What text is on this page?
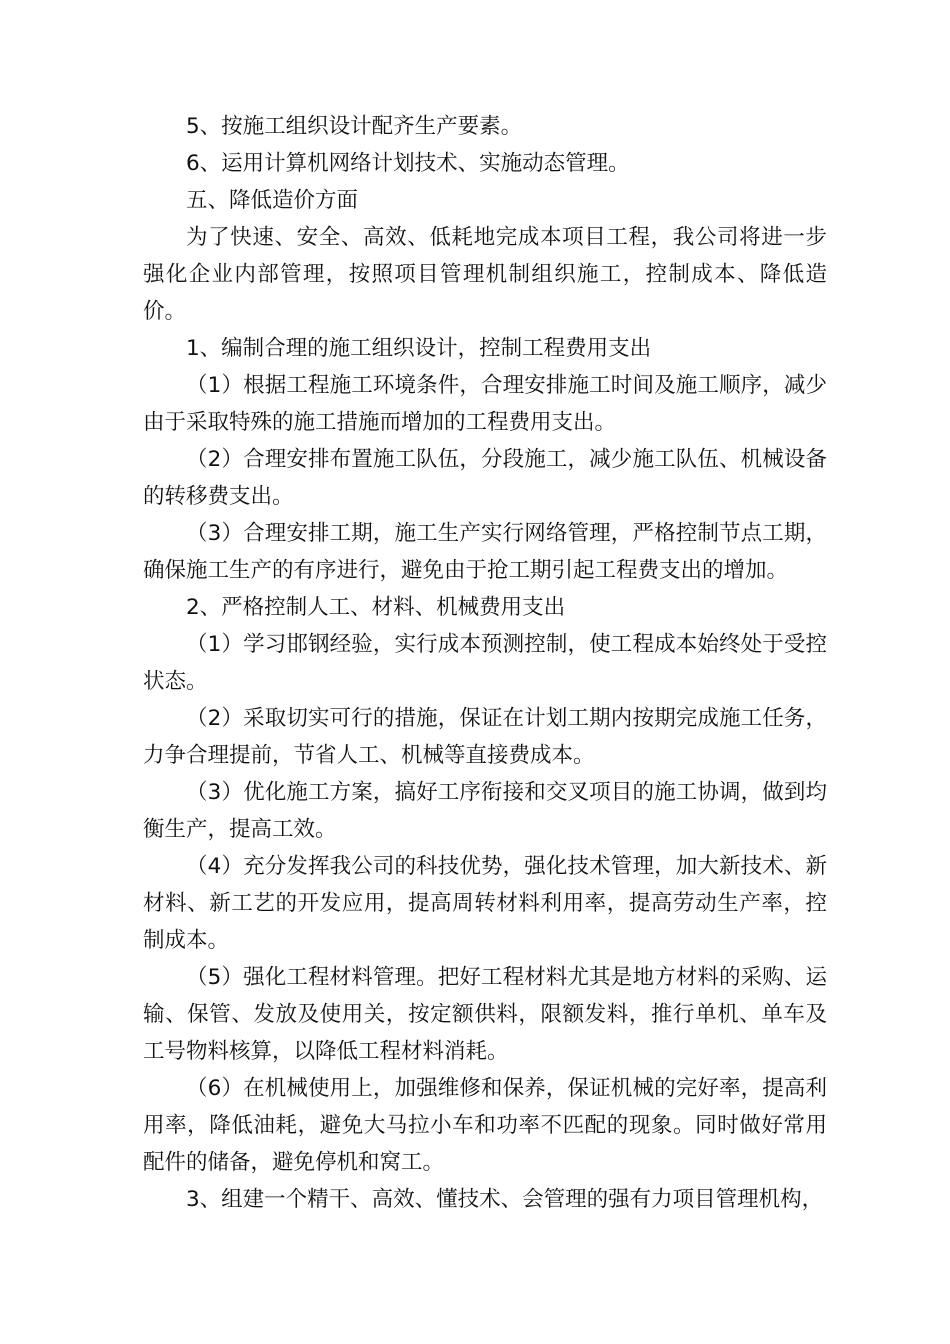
5、按施工组织设计配齐生产要素。

6、运用计算机网络计划技术、实施动态管理。

五、降低造价方面

为了快速、安全、高效、低耗地完成本项目工程，我公司将进一步强化企业内部管理，按照项目管理机制组织施工，控制成本、降低造价。

1、编制合理的施工组织设计，控制工程费用支出

（1）根据工程施工环境条件，合理安排施工时间及施工顺序，减少由于采取特殊的施工措施而增加的工程费用支出。

（2）合理安排布置施工队伍，分段施工，减少施工队伍、机械设备的转移费支出。

（3）合理安排工期，施工生产实行网络管理，严格控制节点工期，确保施工生产的有序进行，避免由于抢工期引起工程费支出的增加。

2、严格控制人工、材料、机械费用支出

（1）学习邯钢经验，实行成本预测控制，使工程成本始终处于受控状态。

（2）采取切实可行的措施，保证在计划工期内按期完成施工任务，力争合理提前，节省人工、机械等直接费成本。

（3）优化施工方案，搞好工序衔接和交叉项目的施工协调，做到均衡生产，提高工效。

（4）充分发挥我公司的科技优势，强化技术管理，加大新技术、新材料、新工艺的开发应用，提高周转材料利用率，提高劳动生产率，控制成本。

（5）强化工程材料管理。把好工程材料尤其是地方材料的采购、运输、保管、发放及使用关，按定额供料，限额发料，推行单机、单车及工号物料核算，以降低工程材料消耗。

（6）在机械使用上，加强维修和保养，保证机械的完好率，提高利用率，降低油耗，避免大马拉小车和功率不匹配的现象。同时做好常用配件的储备，避免停机和窝工。

3、组建一个精干、高效、懂技术、会管理的强有力项目管理机构，
